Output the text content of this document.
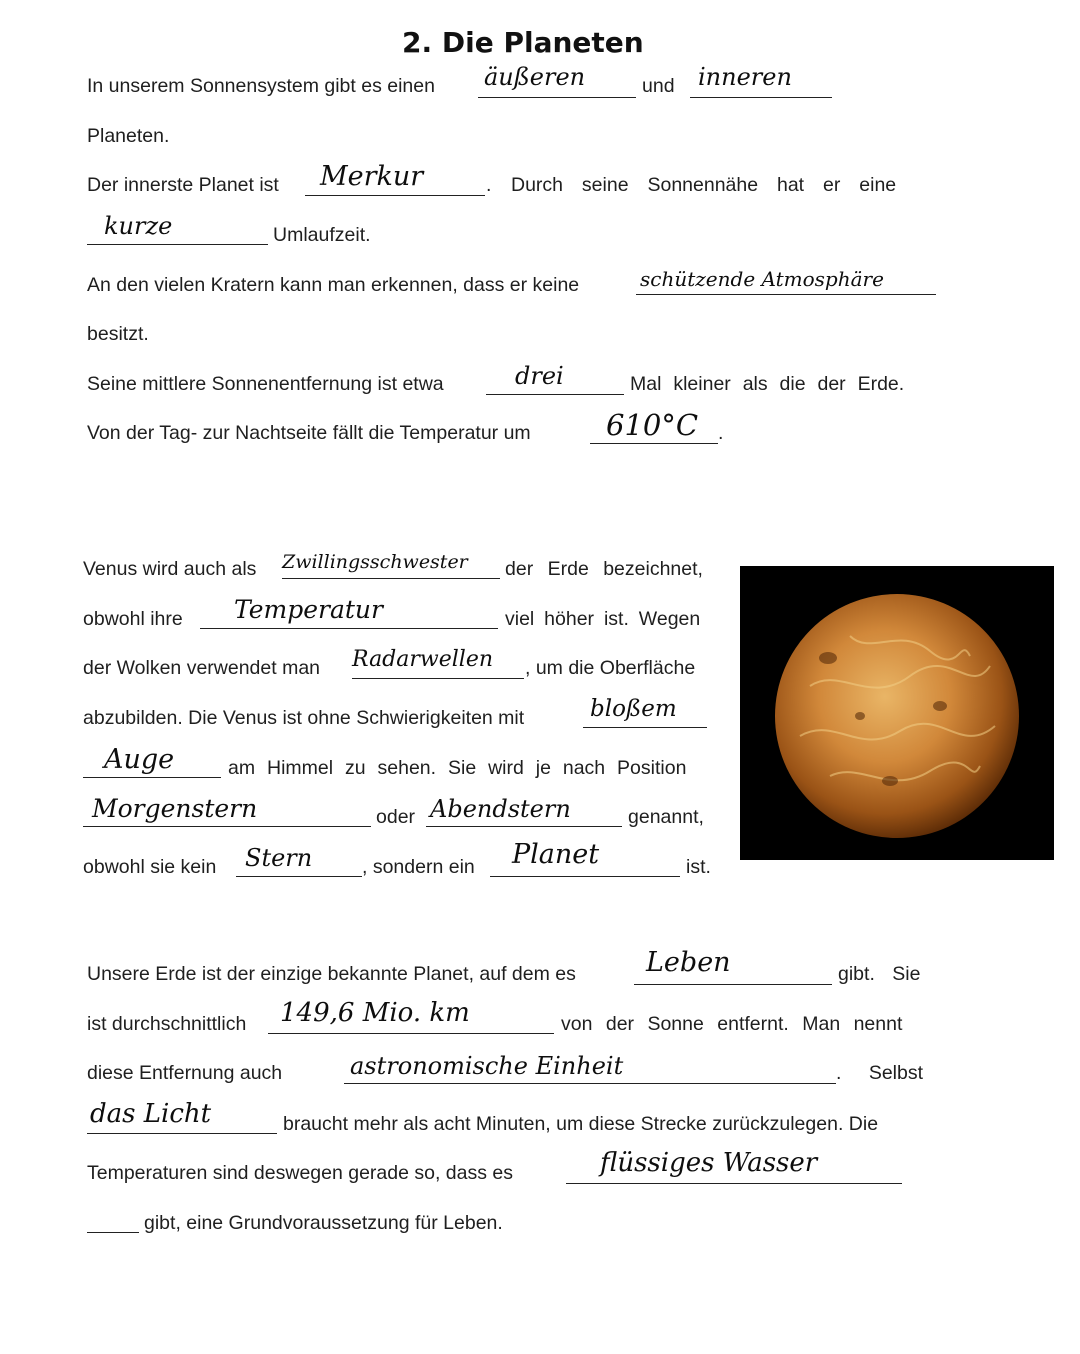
2. Die Planeten
In unserem Sonnensystem gibt es einen äußeren	und inneren
Planeten.
Der innerste Planet ist Merkur	. Durch seine Sonnennähe hat er eine
kurze	Umlaufzeit.
An den vielen Kratern kann man erkennen, dass er keine	schützende Atmosphäre
besitzt.
Seine mittlere Sonnenentfernung ist etwa	drei	Mal kleiner als die der Erde.
Von der Tag- zur Nachtseite fällt die Temperatur um	610°C .
Venus wird auch als Zwillingsschwester der Erde bezeichnet,
obwohl ihre Temperatur	viel höher ist. Wegen
der Wolken verwendet man Radarwellen , um die Oberfläche
abzubilden. Die Venus ist ohne Schwierigkeiten mit	bloßem
Auge	am Himmel zu sehen. Sie wird je nach Position
Morgenstern	oder Abendstern	genannt,
obwohl sie kein Stern	, sondern ein Planet	ist.
Unsere Erde ist der einzige bekannte Planet, auf dem es	Leben	gibt. Sie
ist durchschnittlich 149,6 Mio. km	von der Sonne entfernt. Man nennt
diese Entfernung auch	astronomische Einheit	. Selbst
das Licht	braucht mehr als acht Minuten, um diese Strecke zurückzulegen. Die
Temperaturen sind deswegen gerade so, dass es	flüssiges Wasser
gibt, eine Grundvoraussetzung für Leben.
